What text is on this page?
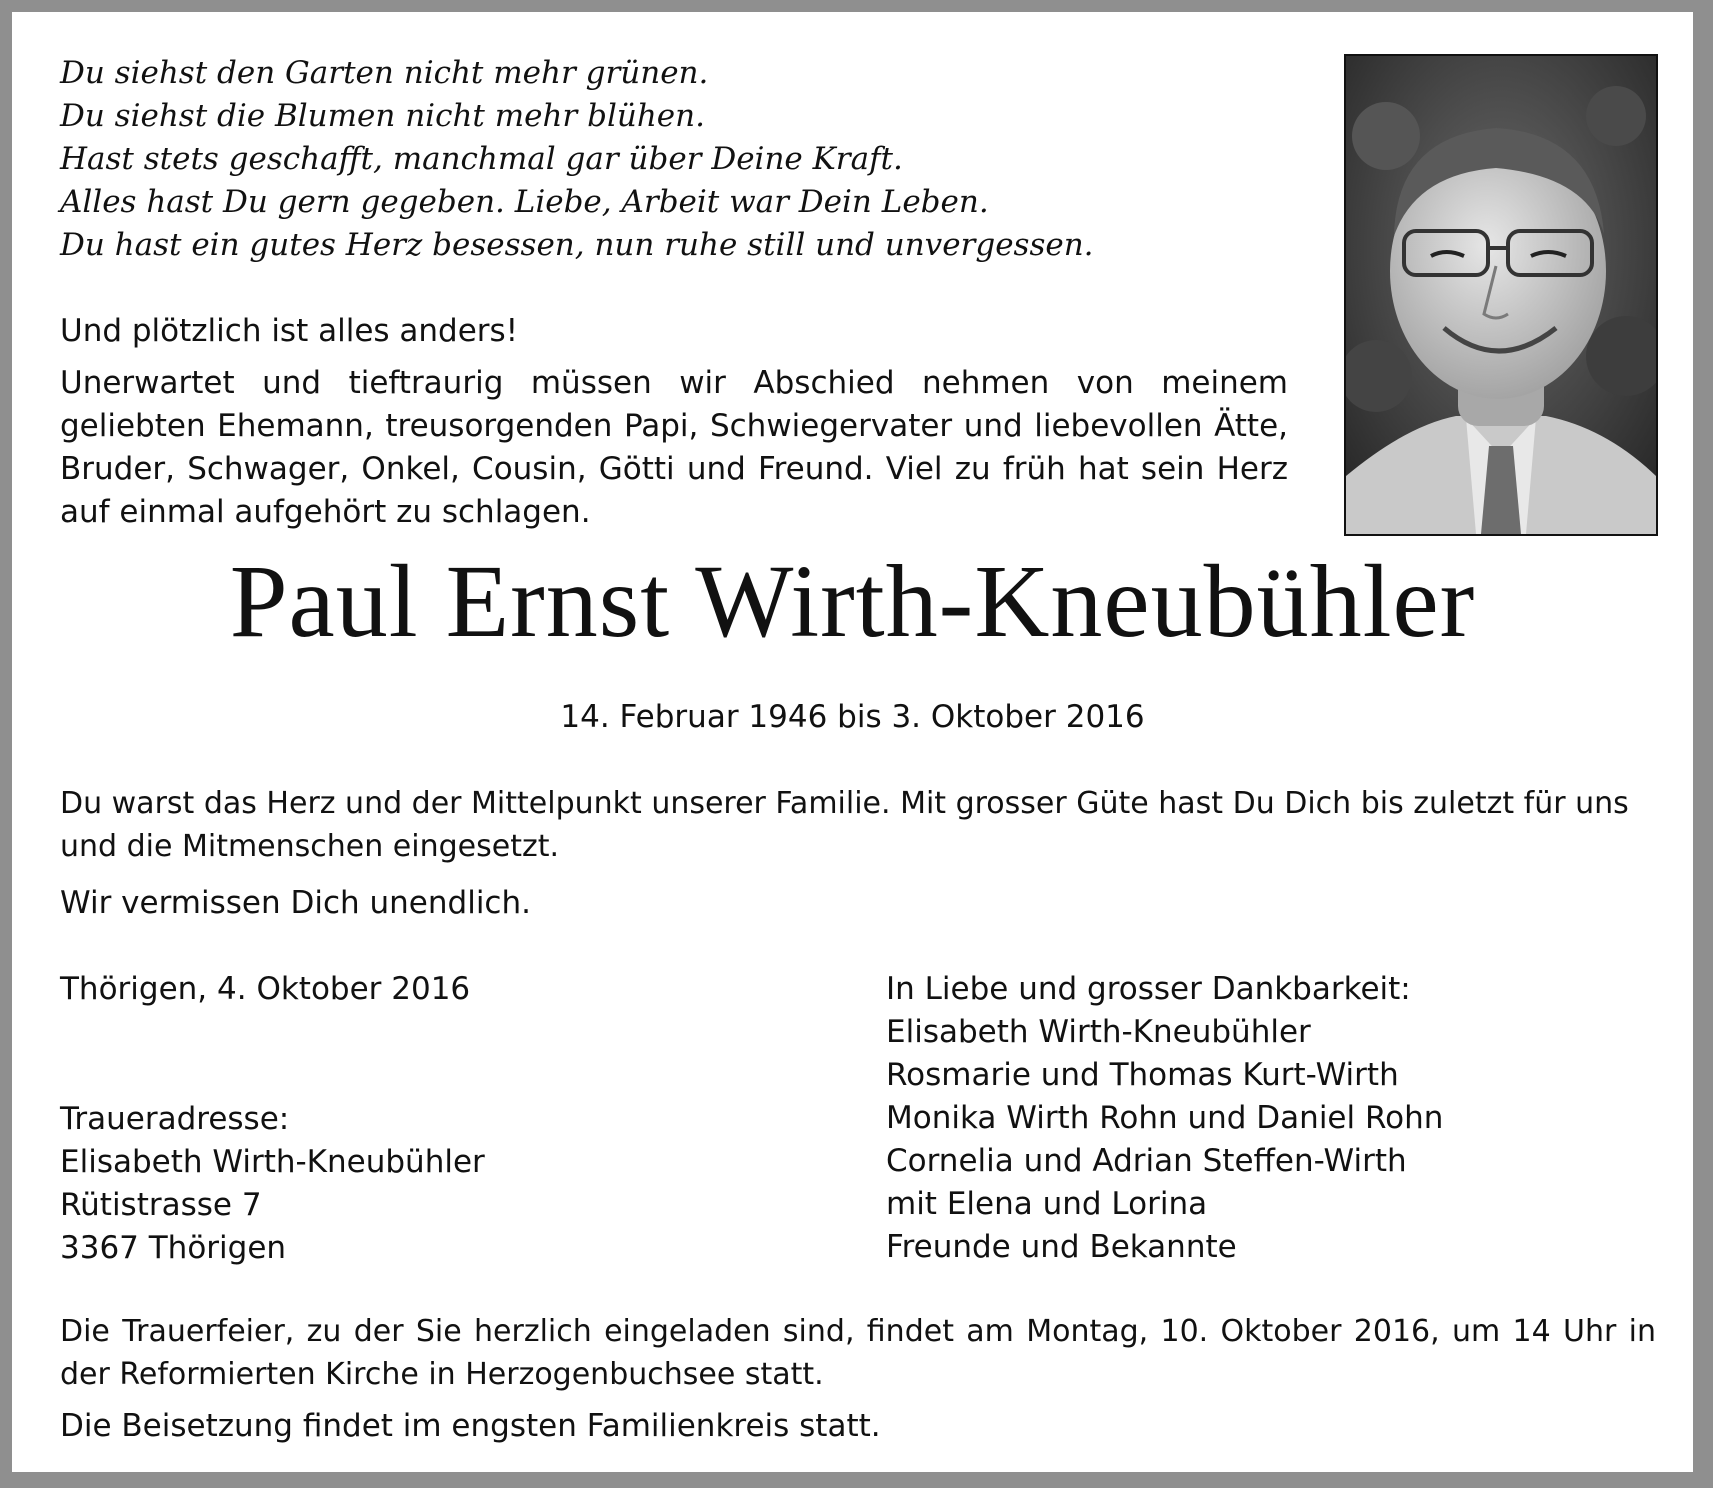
Du siehst den Garten nicht mehr grünen.
Du siehst die Blumen nicht mehr blühen.
Hast stets geschafft, manchmal gar über Deine Kraft.
Alles hast Du gern gegeben. Liebe, Arbeit war Dein Leben.
Du hast ein gutes Herz besessen, nun ruhe still und unvergessen.
Und plötzlich ist alles anders!
Unerwartet und tieftraurig müssen wir Abschied nehmen von meinem geliebten Ehemann, treusorgenden Papi, Schwiegervater und liebevollen Ätte, Bruder, Schwager, Onkel, Cousin, Götti und Freund. Viel zu früh hat sein Herz auf einmal aufgehört zu schlagen.
Paul Ernst Wirth-Kneubühler
14. Februar 1946 bis 3. Oktober 2016
Du warst das Herz und der Mittelpunkt unserer Familie. Mit grosser Güte hast Du Dich bis zuletzt für uns und die Mitmenschen eingesetzt.
Wir vermissen Dich unendlich.
Thörigen, 4. Oktober 2016
Traueradresse:
Elisabeth Wirth-Kneubühler
Rütistrasse 7
3367 Thörigen
In Liebe und grosser Dankbarkeit:
Elisabeth Wirth-Kneubühler
Rosmarie und Thomas Kurt-Wirth
Monika Wirth Rohn und Daniel Rohn
Cornelia und Adrian Steffen-Wirth
mit Elena und Lorina
Freunde und Bekannte
Die Trauerfeier, zu der Sie herzlich eingeladen sind, findet am Montag, 10. Oktober 2016, um 14 Uhr in der Reformierten Kirche in Herzogenbuchsee statt.
Die Beisetzung findet im engsten Familienkreis statt.
